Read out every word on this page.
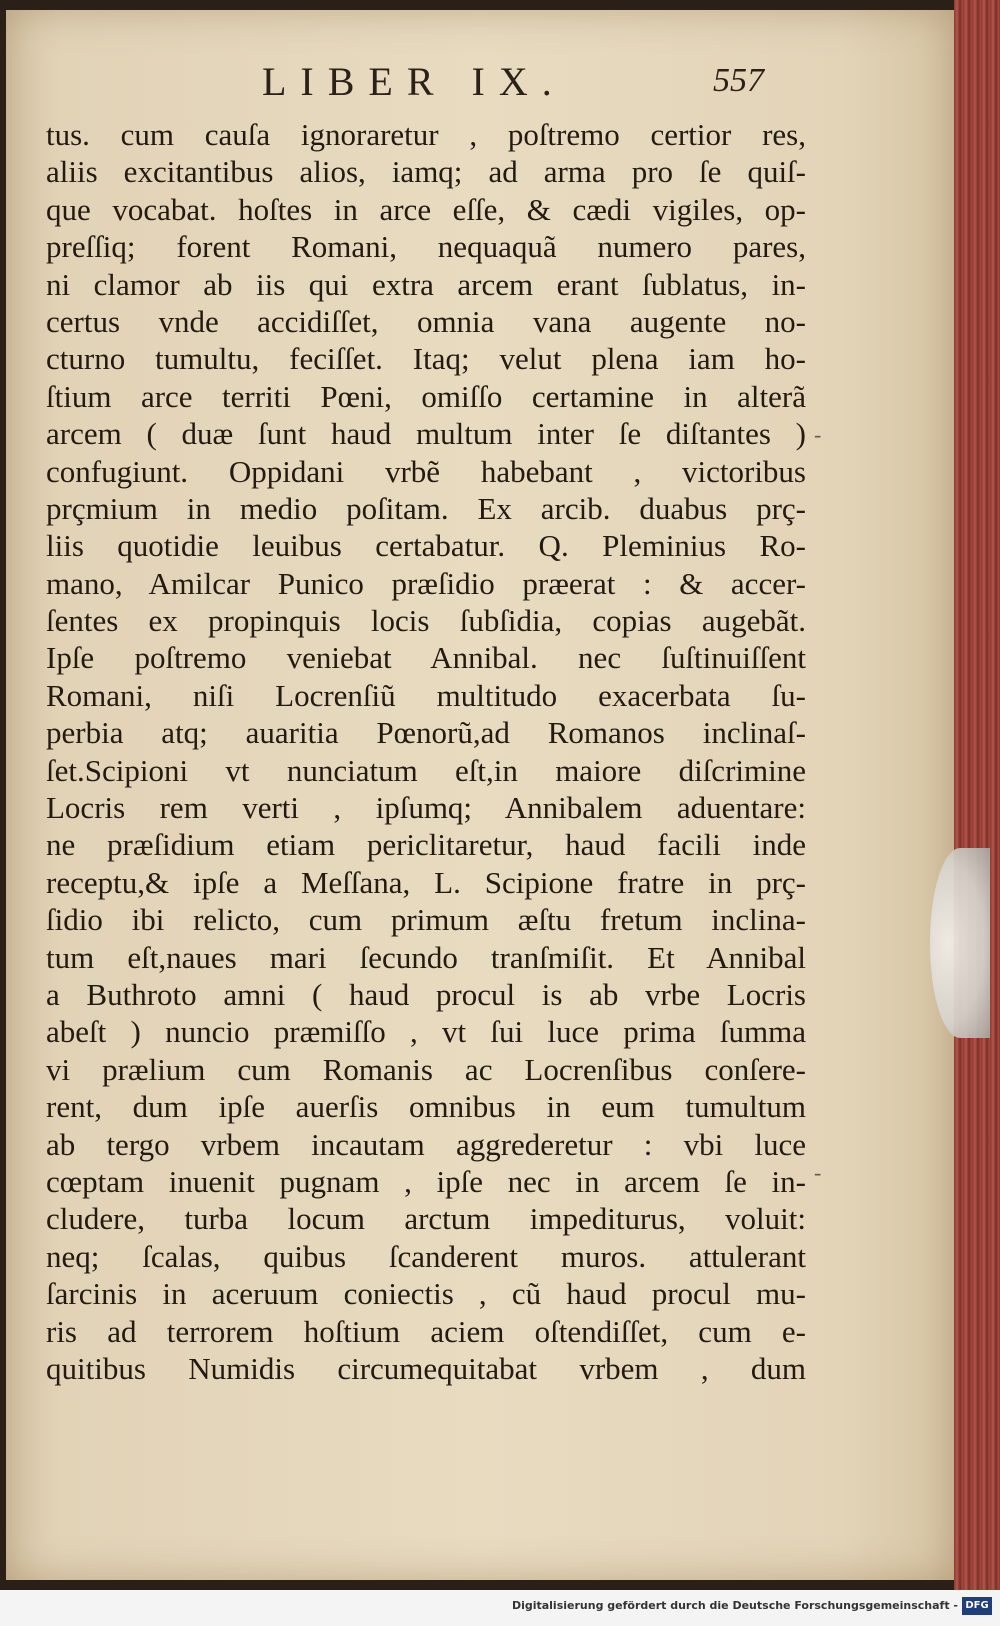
LIBER IX.	557
tus. cum cauſa ignoraretur , poſtremo certior res,
aliis excitantibus alios, iamq; ad arma pro ſe quiſ-
que vocabat. hoſtes in arce eſſe, & cædi vigiles, op-
preſſiq; forent Romani, nequaquã numero pares,
ni clamor ab iis qui extra arcem erant ſublatus, in-
certus vnde accidiſſet, omnia vana augente no-
cturno tumultu, feciſſet. Itaq; velut plena iam ho-
ſtium arce territi Pœni, omiſſo certamine in alterã
arcem ( duæ ſunt haud multum inter ſe diſtantes )
confugiunt. Oppidani vrbẽ habebant , victoribus
prçmium in medio poſitam. Ex arcib. duabus prç-
liis quotidie leuibus certabatur. Q. Pleminius Ro-
mano, Amilcar Punico præſidio præerat : & accer-
ſentes ex propinquis locis ſubſidia, copias augebãt.
Ipſe poſtremo veniebat Annibal. nec ſuſtinuiſſent
Romani, niſi Locrenſiũ multitudo exacerbata ſu-
perbia atq; auaritia Pœnorũ,ad Romanos inclinaſ-
ſet.Scipioni vt nunciatum eſt,in maiore diſcrimine
Locris rem verti , ipſumq; Annibalem aduentare:
ne præſidium etiam periclitaretur, haud facili inde
receptu,& ipſe a Meſſana, L. Scipione fratre in prç-
ſidio ibi relicto, cum primum æſtu fretum inclina-
tum eſt,naues mari ſecundo tranſmiſit. Et Annibal
a Buthroto amni ( haud procul is ab vrbe Locris
abeſt ) nuncio præmiſſo , vt ſui luce prima ſumma
vi prælium cum Romanis ac Locrenſibus conſere-
rent, dum ipſe auerſis omnibus in eum tumultum
ab tergo vrbem incautam aggrederetur : vbi luce
cœptam inuenit pugnam , ipſe nec in arcem ſe in-
cludere, turba locum arctum impediturus, voluit:
neq; ſcalas, quibus ſcanderent muros. attulerant
ſarcinis in aceruum coniectis , cũ haud procul mu-
ris ad terrorem hoſtium aciem oſtendiſſet, cum e-
quitibus Numidis circumequitabat vrbem , dum
-
-
Digitalisierung gefördert durch die Deutsche Forschungsgemeinschaft - DFG
